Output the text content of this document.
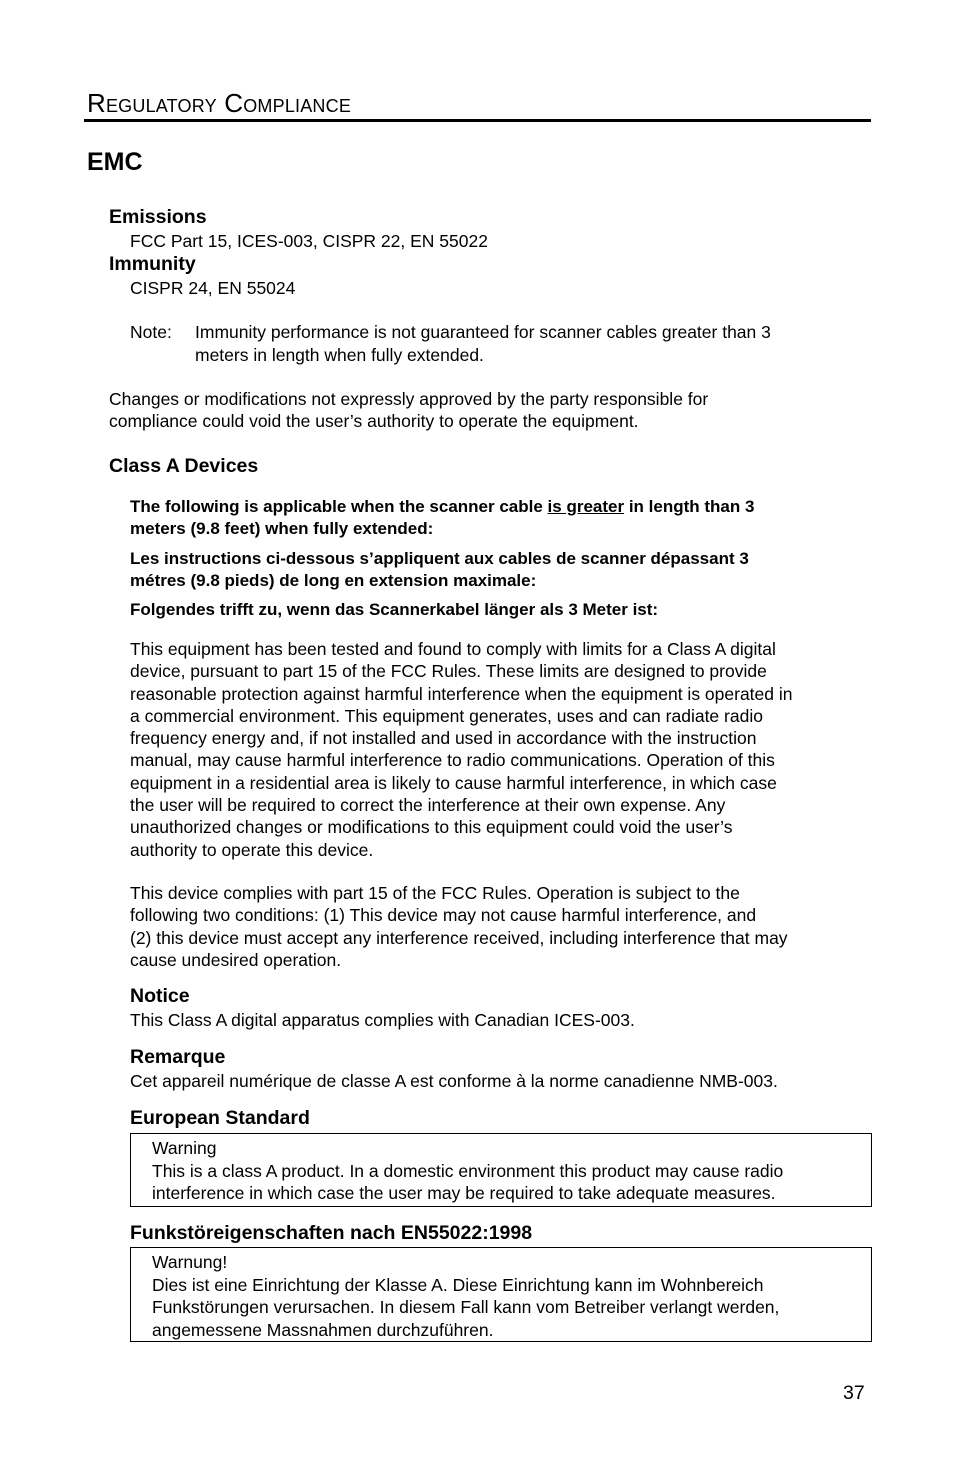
Regulatory Compliance
EMC
Emissions
FCC Part 15, ICES-003, CISPR 22, EN 55022
Immunity
CISPR 24, EN 55024
Note: Immunity performance is not guaranteed for scanner cables greater than 3
meters in length when fully extended.
Changes or modifications not expressly approved by the party responsible for
compliance could void the user’s authority to operate the equipment.
Class A Devices
The following is applicable when the scanner cable is greater in length than 3
meters (9.8 feet) when fully extended:
Les instructions ci-dessous s’appliquent aux cables de scanner dépassant 3
métres (9.8 pieds) de long en extension maximale:
Folgendes trifft zu, wenn das Scannerkabel länger als 3 Meter ist:
This equipment has been tested and found to comply with limits for a Class A digital
device, pursuant to part 15 of the FCC Rules. These limits are designed to provide
reasonable protection against harmful interference when the equipment is operated in
a commercial environment. This equipment generates, uses and can radiate radio
frequency energy and, if not installed and used in accordance with the instruction
manual, may cause harmful interference to radio communications. Operation of this
equipment in a residential area is likely to cause harmful interference, in which case
the user will be required to correct the interference at their own expense. Any
unauthorized changes or modifications to this equipment could void the user’s
authority to operate this device.
This device complies with part 15 of the FCC Rules. Operation is subject to the
following two conditions: (1) This device may not cause harmful interference, and
(2) this device must accept any interference received, including interference that may
cause undesired operation.
Notice
This Class A digital apparatus complies with Canadian ICES-003.
Remarque
Cet appareil numérique de classe A est conforme à la norme canadienne NMB-003.
European Standard
Warning
This is a class A product. In a domestic environment this product may cause radio
interference in which case the user may be required to take adequate measures.
Funkstöreigenschaften nach EN55022:1998
Warnung!
Dies ist eine Einrichtung der Klasse A. Diese Einrichtung kann im Wohnbereich
Funkstörungen verursachen. In diesem Fall kann vom Betreiber verlangt werden,
angemessene Massnahmen durchzuführen.
37
